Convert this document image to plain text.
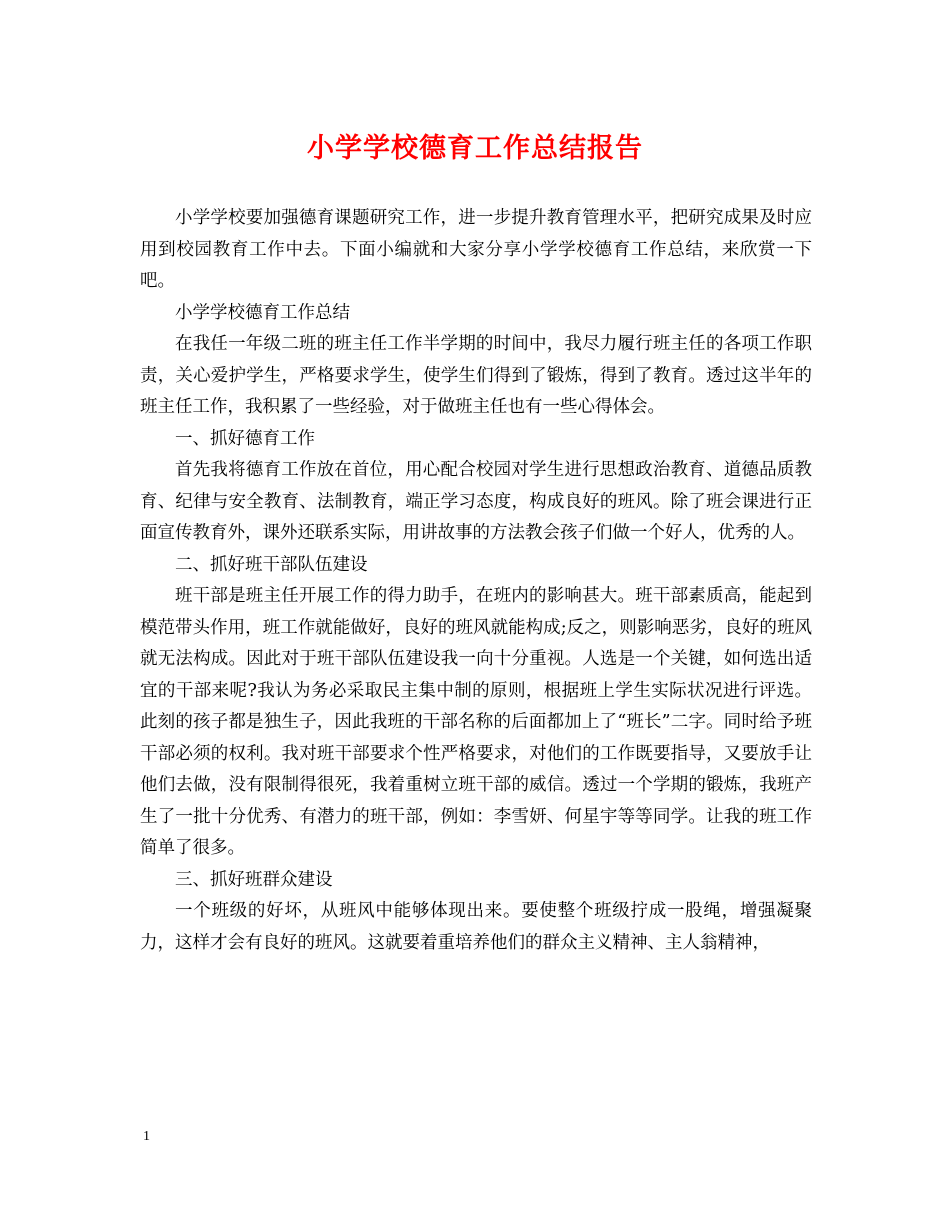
小学学校德育工作总结报告

小学学校要加强德育课题研究工作，进一步提升教育管理水平，把研究成果及时应用到校园教育工作中去。下面小编就和大家分享小学学校德育工作总结，来欣赏一下吧。

小学学校德育工作总结

在我任一年级二班的班主任工作半学期的时间中，我尽力履行班主任的各项工作职责，关心爱护学生，严格要求学生，使学生们得到了锻炼，得到了教育。透过这半年的班主任工作，我积累了一些经验，对于做班主任也有一些心得体会。

一、抓好德育工作

首先我将德育工作放在首位，用心配合校园对学生进行思想政治教育、道德品质教育、纪律与安全教育、法制教育，端正学习态度，构成良好的班风。除了班会课进行正面宣传教育外，课外还联系实际，用讲故事的方法教会孩子们做一个好人，优秀的人。

二、抓好班干部队伍建设

班干部是班主任开展工作的得力助手，在班内的影响甚大。班干部素质高，能起到模范带头作用，班工作就能做好，良好的班风就能构成;反之，则影响恶劣，良好的班风就无法构成。因此对于班干部队伍建设我一向十分重视。人选是一个关键，如何选出适宜的干部来呢?我认为务必采取民主集中制的原则，根据班上学生实际状况进行评选。此刻的孩子都是独生子，因此我班的干部名称的后面都加上了“班长”二字。同时给予班干部必须的权利。我对班干部要求个性严格要求，对他们的工作既要指导，又要放手让他们去做，没有限制得很死，我着重树立班干部的威信。透过一个学期的锻炼，我班产生了一批十分优秀、有潜力的班干部，例如：李雪妍、何星宇等等同学。让我的班工作简单了很多。

三、抓好班群众建设

一个班级的好坏，从班风中能够体现出来。要使整个班级拧成一股绳，增强凝聚力，这样才会有良好的班风。这就要着重培养他们的群众主义精神、主人翁精神，

1
